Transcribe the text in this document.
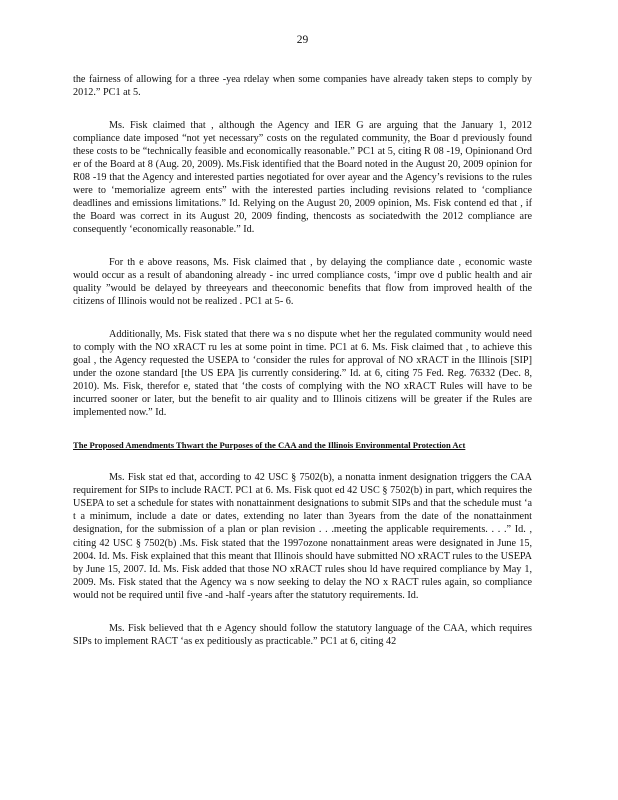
29

the fairness of allowing for a three -yea rdelay when some companies have already taken steps to comply by 2012.” PC1 at 5.

Ms. Fisk claimed that , although the Agency and IER G are arguing that the January 1, 2012 compliance date imposed “not yet necessary” costs on the regulated community, the Boar d previously found these costs to be “technically feasible and economically reasonable.” PC1 at 5, citing R 08 -19, Opinionand Ord er of the Board at 8 (Aug. 20, 2009). Ms.Fisk identified that the Board noted in the August 20, 2009 opinion for R08 -19 that the Agency and interested parties negotiated for over ayear and the Agency’s revisions to the rules were to ‘memorialize agreem ents” with the interested parties including revisions related to ‘compliance deadlines and emissions limitations.” Id. Relying on the August 20, 2009 opinion, Ms. Fisk contend ed that , if the Board was correct in its August 20, 2009 finding, thencosts as sociatedwith the 2012 compliance are consequently ‘economically reasonable.” Id.

For th e above reasons, Ms. Fisk claimed that , by delaying the compliance date , economic waste would occur as a result of abandoning already - inc urred compliance costs, ‘impr ove d public health and air quality ”would be delayed by threeyears and theeconomic benefits that flow from improved health of the citizens of Illinois would not be realized . PC1 at 5- 6.

Additionally, Ms. Fisk stated that there wa s no dispute whet her the regulated community would need to comply with the NO xRACT ru les at some point in time. PC1 at 6. Ms. Fisk claimed that , to achieve this goal , the Agency requested the USEPA to ‘consider the rules for approval of NO xRACT in the Illinois [SIP] under the ozone standard [the US EPA ]is currently considering.” Id. at 6, citing 75 Fed. Reg. 76332 (Dec. 8, 2010). Ms. Fisk, therefor e, stated that ‘the costs of complying with the NO xRACT Rules will have to be incurred sooner or later, but the benefit to air quality and to Illinois citizens will be greater if the Rules are implemented now.” Id.

The Proposed Amendments Thwart the Purposes of the CAA and the Illinois Environmental Protection Act

Ms. Fisk stat ed that, according to 42 USC § 7502(b), a nonatta inment designation triggers the CAA requirement for SIPs to include RACT. PC1 at 6. Ms. Fisk quot ed 42 USC § 7502(b) in part, which requires the USEPA to set a schedule for states with nonattainment designations to submit SIPs and that the schedule must ‘a t a minimum, include a date or dates, extending no later than 3years from the date of the nonattainment designation, for the submission of a plan or plan revision . . .meeting the applicable requirements. . . .” Id. , citing 42 USC § 7502(b) .Ms. Fisk stated that the 1997ozone nonattainment areas were designated in June 15, 2004. Id. Ms. Fisk explained that this meant that Illinois should have submitted NO xRACT rules to the USEPA by June 15, 2007. Id. Ms. Fisk added that those NO xRACT rules shou ld have required compliance by May 1, 2009. Ms. Fisk stated that the Agency wa s now seeking to delay the NO x RACT rules again, so compliance would not be required until five -and -half -years after the statutory requirements. Id.

Ms. Fisk believed that th e Agency should follow the statutory language of the CAA, which requires SIPs to implement RACT ‘as ex peditiously as practicable.” PC1 at 6, citing 42
